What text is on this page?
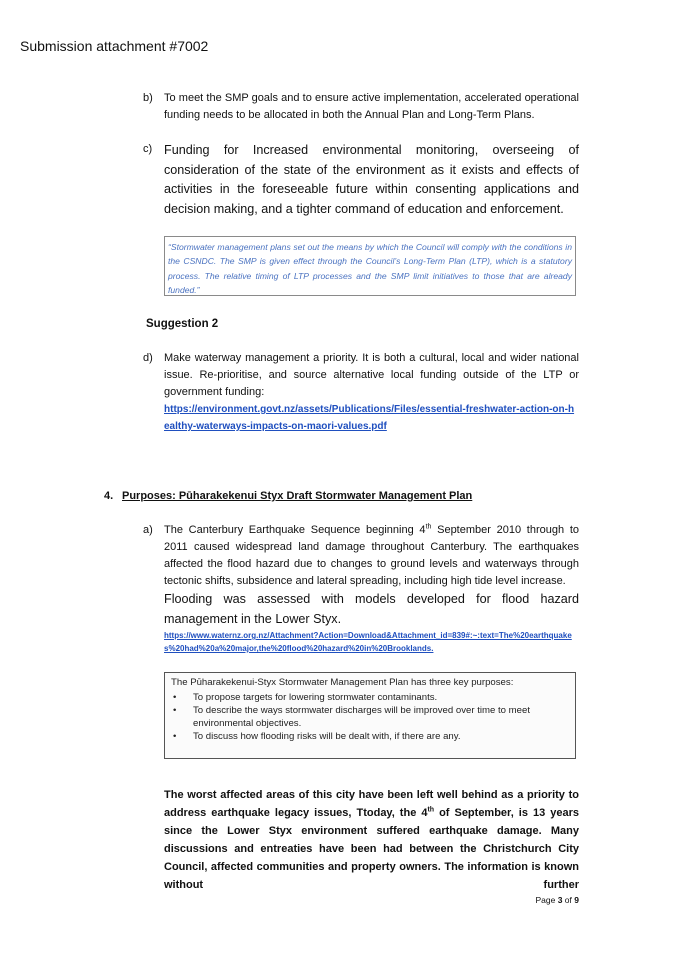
Submission attachment #7002
b) To meet the SMP goals and to ensure active implementation, accelerated operational funding needs to be allocated in both the Annual Plan and Long-Term Plans.
c) Funding for Increased environmental monitoring, overseeing of consideration of the state of the environment as it exists and effects of activities in the foreseeable future within consenting applications and decision making, and a tighter command of education and enforcement.
“Stormwater management plans set out the means by which the Council will comply with the conditions in the CSNDC. The SMP is given effect through the Council’s Long-Term Plan (LTP), which is a statutory process. The relative timing of LTP processes and the SMP limit initiatives to those that are already funded.”
Suggestion 2
d) Make waterway management a priority. It is both a cultural, local and wider national issue. Re-prioritise, and source alternative local funding outside of the LTP or government funding:
https://environment.govt.nz/assets/Publications/Files/essential-freshwater-action-on-healthy-waterways-impacts-on-maori-values.pdf
4. Purposes: Pūharakekenui Styx Draft Stormwater Management Plan
a) The Canterbury Earthquake Sequence beginning 4th September 2010 through to 2011 caused widespread land damage throughout Canterbury. The earthquakes affected the flood hazard due to changes to ground levels and waterways through tectonic shifts, subsidence and lateral spreading, including high tide level increase.
Flooding was assessed with models developed for flood hazard management in the Lower Styx.
https://www.waternz.org.nz/Attachment?Action=Download&Attachment_id=839#:~:text=The%20earthquakes%20had%20a%20major,the%20flood%20hazard%20in%20Brooklands.
The Pūharakekenui-Styx Stormwater Management Plan has three key purposes:
• To propose targets for lowering stormwater contaminants.
• To describe the ways stormwater discharges will be improved over time to meet environmental objectives.
• To discuss how flooding risks will be dealt with, if there are any.
The worst affected areas of this city have been left well behind as a priority to address earthquake legacy issues, Ttoday, the 4th of September, is 13 years since the Lower Styx environment suffered earthquake damage. Many discussions and entreaties have been had between the Christchurch City Council, affected communities and property owners. The information is known without further
Page 3 of 9
